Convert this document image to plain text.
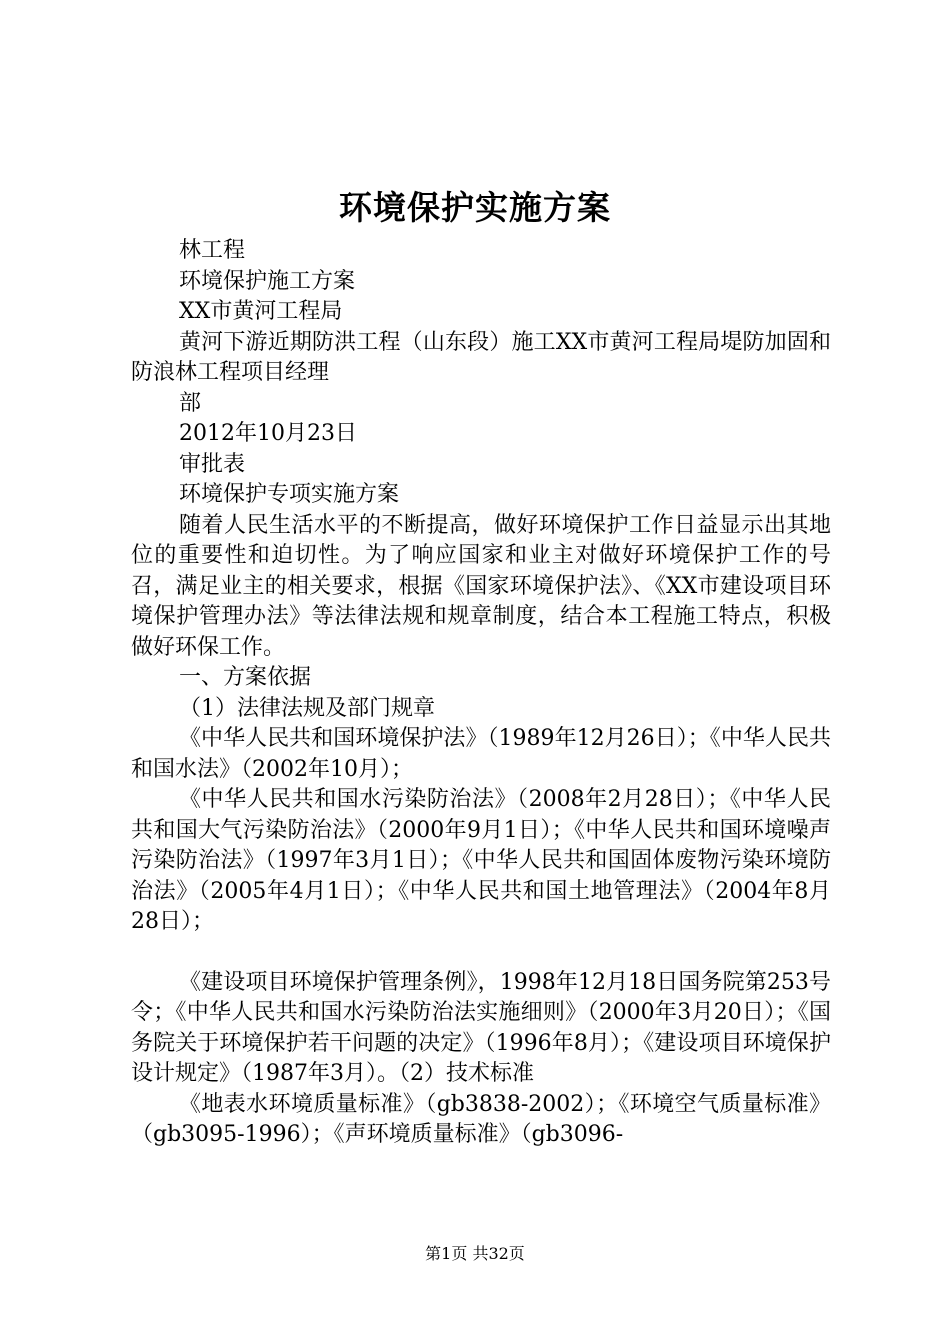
环境保护实施方案

林工程

环境保护施工方案

XX市黄河工程局

黄河下游近期防洪工程（山东段）施工XX市黄河工程局堤防加固和防浪林工程项目经理

部

2012年10月23日

审批表

环境保护专项实施方案

随着人民生活水平的不断提高，做好环境保护工作日益显示出其地位的重要性和迫切性。为了响应国家和业主对做好环境保护工作的号召，满足业主的相关要求，根据《国家环境保护法》、《XX市建设项目环境保护管理办法》等法律法规和规章制度，结合本工程施工特点，积极做好环保工作。

一、方案依据

（1）法律法规及部门规章

《中华人民共和国环境保护法》（1989年12月26日）；《中华人民共和国水法》（2002年10月）；

《中华人民共和国水污染防治法》（2008年2月28日）；《中华人民共和国大气污染防治法》（2000年9月1日）；《中华人民共和国环境噪声污染防治法》（1997年3月1日）；《中华人民共和国固体废物污染环境防治法》（2005年4月1日）；《中华人民共和国土地管理法》（2004年8月28日）；

《建设项目环境保护管理条例》，1998年12月18日国务院第253号令；《中华人民共和国水污染防治法实施细则》（2000年3月20日）；《国务院关于环境保护若干问题的决定》（1996年8月）；《建设项目环境保护设计规定》（1987年3月）。（2）技术标准

《地表水环境质量标准》（gb3838-2002）；《环境空气质量标准》（gb3095-1996）；《声环境质量标准》（gb3096-

第1页 共32页
